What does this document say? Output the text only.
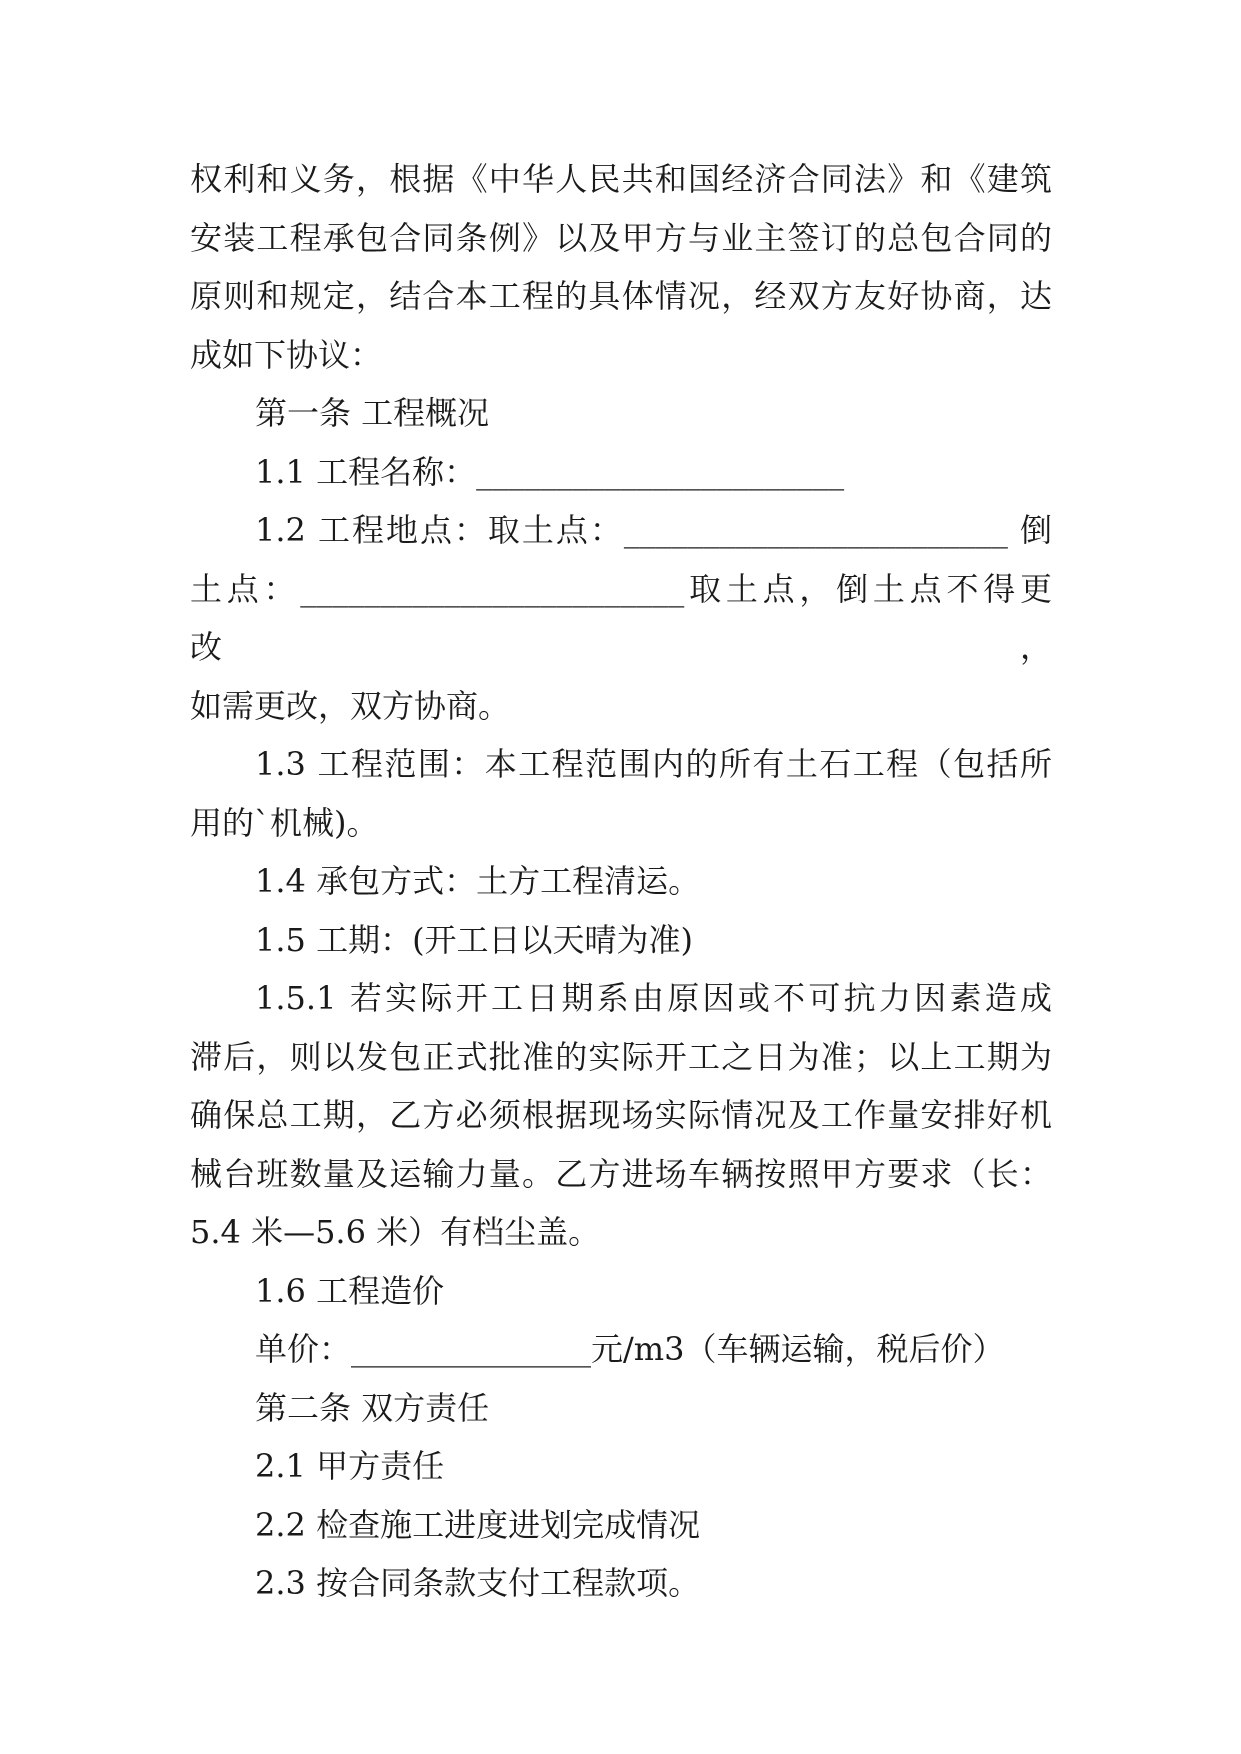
权利和义务，根据《中华人民共和国经济合同法》和《建筑
安装工程承包合同条例》以及甲方与业主签订的总包合同的
原则和规定，结合本工程的具体情况，经双方友好协商，达
成如下协议：
第一条 工程概况
1.1 工程名称：_______________________
1.2 工程地点：取土点：________________________ 倒
土点：________________________取土点，倒土点不得更改，
如需更改，双方协商。
1.3 工程范围：本工程范围内的所有土石工程（包括所
用的`机械)。
1.4 承包方式：土方工程清运。
1.5 工期：(开工日以天晴为准)
1.5.1 若实际开工日期系由原因或不可抗力因素造成
滞后，则以发包正式批准的实际开工之日为准；以上工期为
确保总工期，乙方必须根据现场实际情况及工作量安排好机
械台班数量及运输力量。乙方进场车辆按照甲方要求（长：
5.4 米—5.6 米）有档尘盖。
1.6 工程造价
单价：_______________元/m3（车辆运输，税后价）
第二条 双方责任
2.1 甲方责任
2.2 检查施工进度进划完成情况
2.3 按合同条款支付工程款项。
